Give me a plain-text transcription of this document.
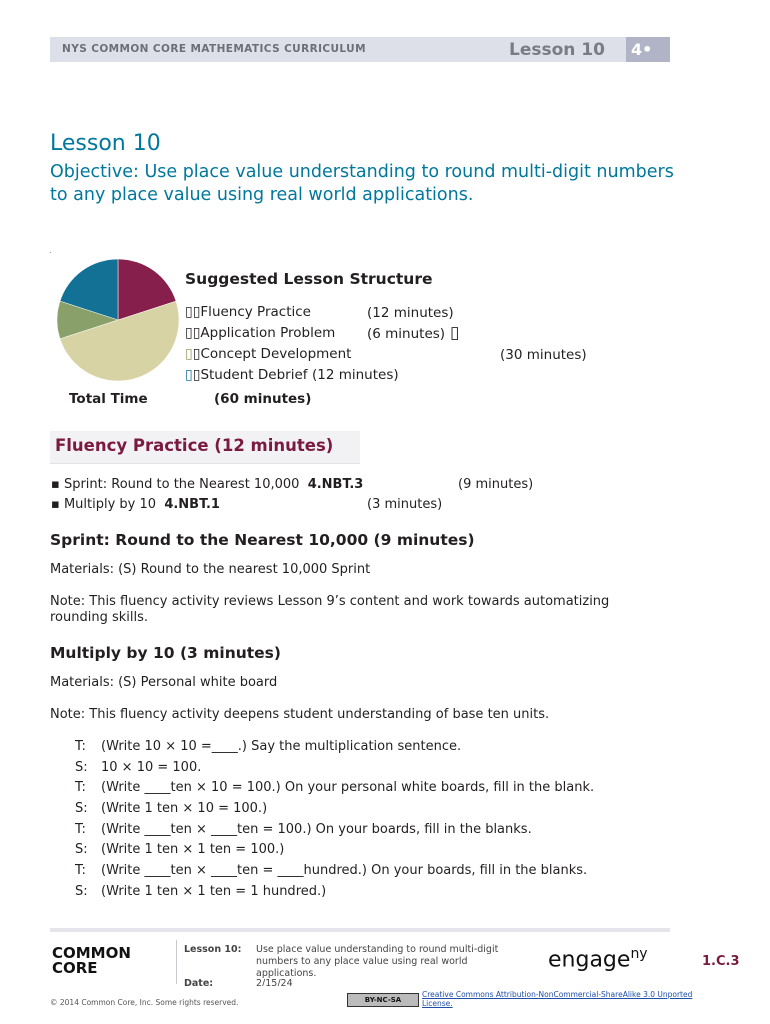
NYS COMMON CORE MATHEMATICS CURRICULUM	Lesson 10 4•
Lesson 10
Objective: Use place value understanding to round multi-digit numbers to any place value using real world applications.
.
Suggested Lesson Structure
▯▯Fluency Practice	(12 minutes)
▯▯Application Problem (6 minutes) ▯
▯▯Concept Development	(30 minutes)
▯▯Student Debrief (12 minutes)
Total Time	(60 minutes)
Fluency Practice (12 minutes)
▪ Sprint: Round to the Nearest 10,000 4.NBT.3	(9 minutes)
▪ Multiply by 10 4.NBT.1	(3 minutes)
Sprint: Round to the Nearest 10,000 (9 minutes)
Materials: (S) Round to the nearest 10,000 Sprint
Note: This fluency activity reviews Lesson 9’s content and work towards automatizing rounding skills.
Multiply by 10 (3 minutes)
Materials: (S) Personal white board
Note: This fluency activity deepens student understanding of base ten units.
T: (Write 10 × 10 =____.) Say the multiplication sentence.
S: 10 × 10 = 100.
T: (Write ____ten × 10 = 100.) On your personal white boards, fill in the blank.
S: (Write 1 ten × 10 = 100.)
T: (Write ____ten × ____ten = 100.) On your boards, fill in the blanks.
S: (Write 1 ten × 1 ten = 100.)
T: (Write ____ten × ____ten = ____hundred.) On your boards, fill in the blanks.
S: (Write 1 ten × 1 ten = 1 hundred.)
COMMON CORE
Lesson 10: Use place value understanding to round multi-digit numbers to any place value using real world applications.
Date:	2/15/24
engage$^{ny}$	1.C.3
© 2014 Common Core, Inc. Some rights reserved.	BY-NC-SA
Creative Commons Attribution-NonCommercial-ShareAlike 3.0 Unported License.
